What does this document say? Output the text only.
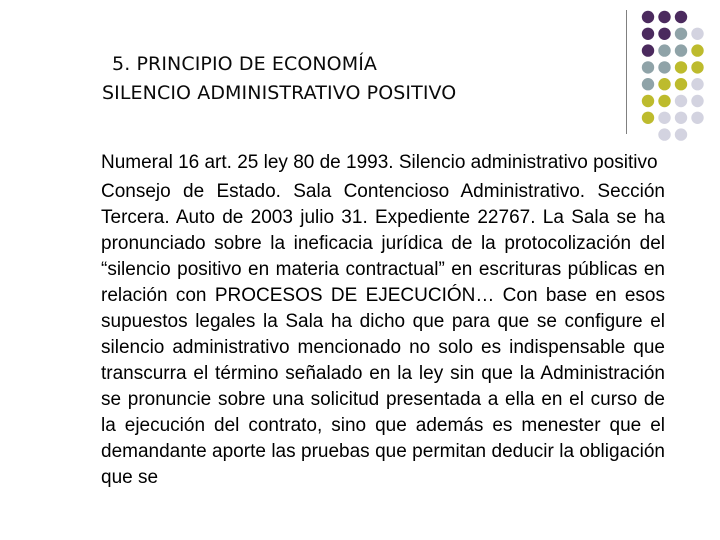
5. PRINCIPIO DE ECONOMÍA
SILENCIO ADMINISTRATIVO POSITIVO
Numeral 16 art. 25 ley 80 de 1993. Silencio administrativo positivo
Consejo de Estado. Sala Contencioso Administrativo. Sección Tercera. Auto de 2003 julio 31. Expediente 22767. La Sala se ha pronunciado sobre la ineficacia jurídica de la protocolización del “silencio positivo en materia contractual” en escrituras públicas en relación con PROCESOS DE EJECUCIÓN… Con base en esos supuestos legales la Sala ha dicho que para que se configure el silencio administrativo mencionado no solo es indispensable que transcurra el término señalado en la ley sin que la Administración se pronuncie sobre una solicitud presentada a ella en el curso de la ejecución del contrato, sino que además es menester que el demandante aporte las pruebas que permitan deducir la obligación que se
